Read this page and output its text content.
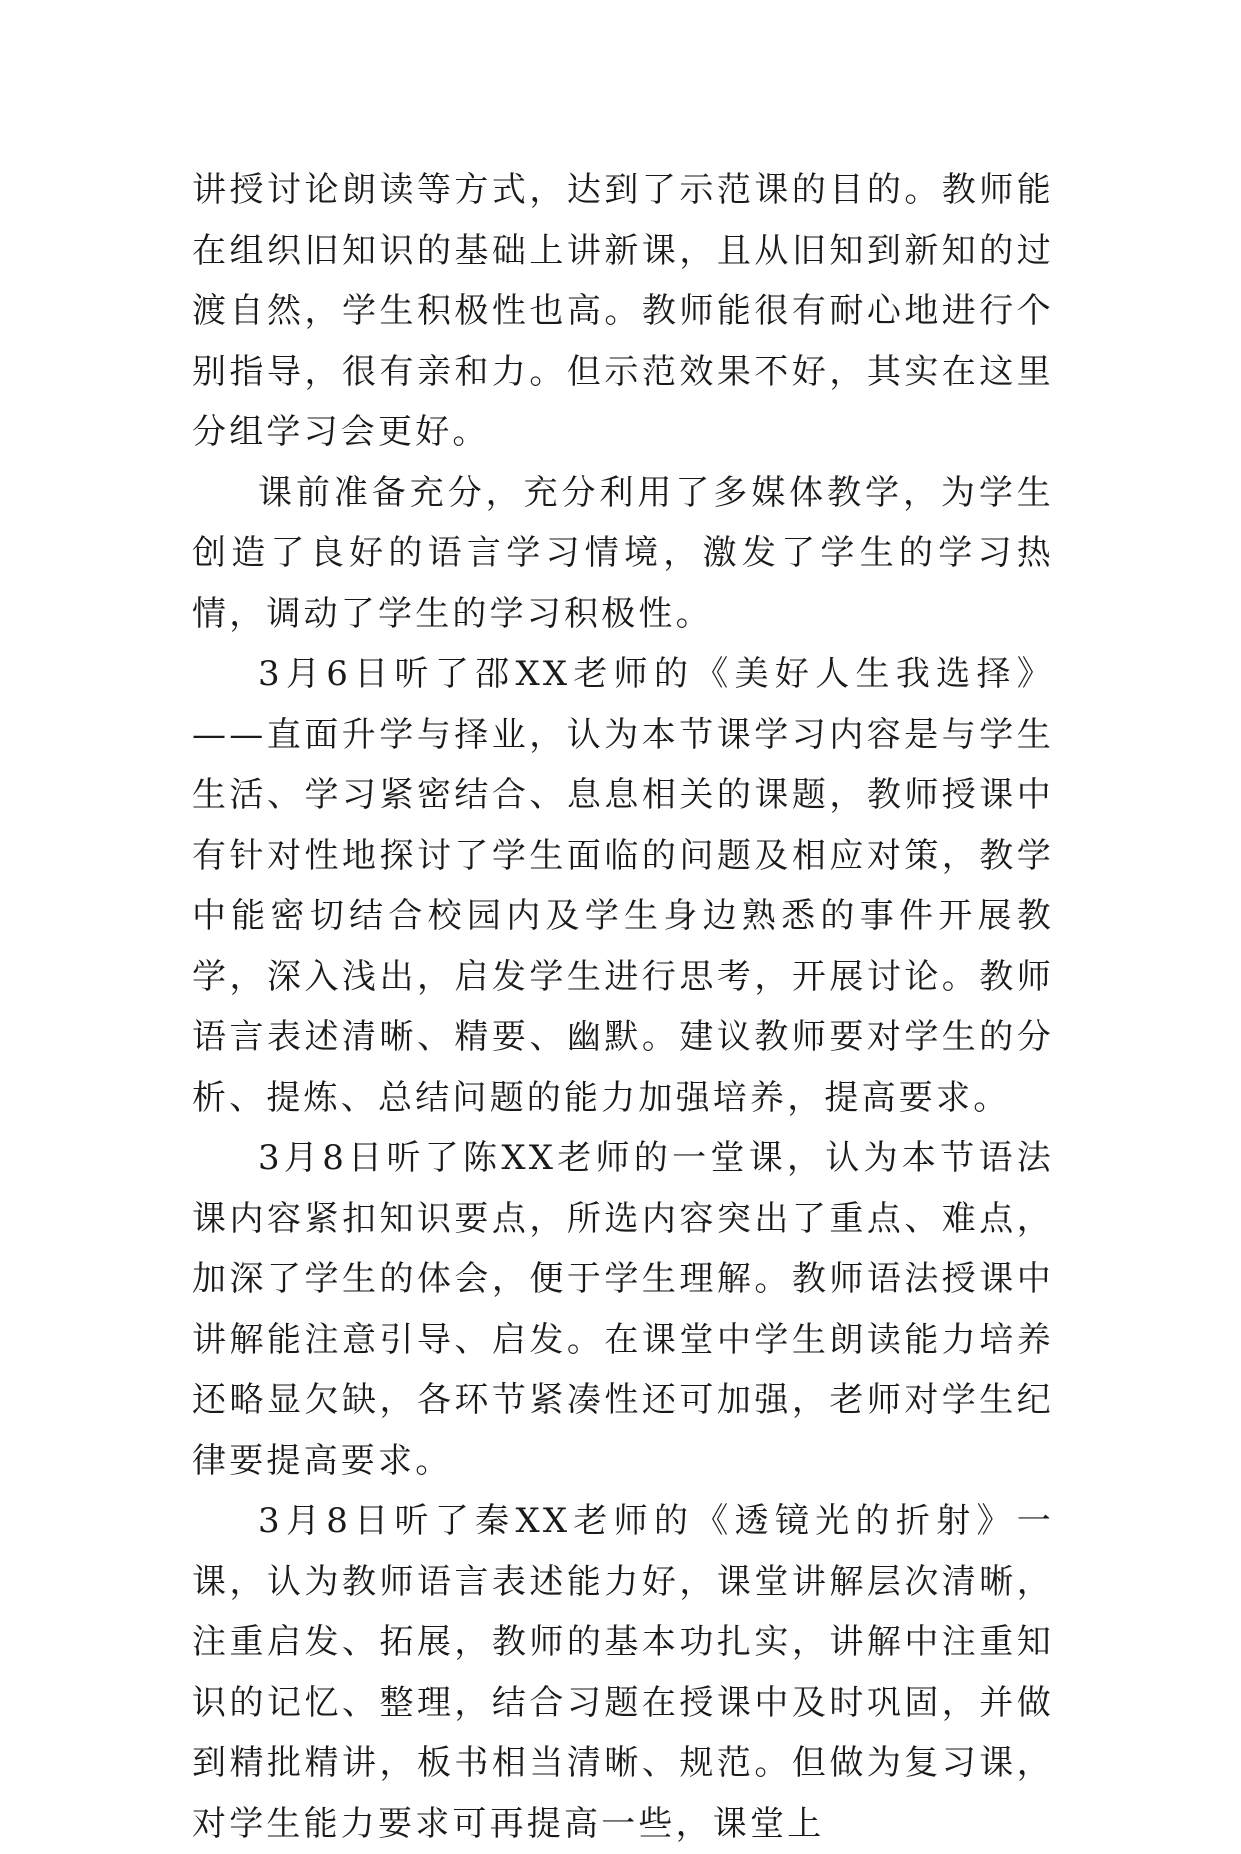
讲授讨论朗读等方式，达到了示范课的目的。教师能在组织旧知识的基础上讲新课，且从旧知到新知的过渡自然，学生积极性也高。教师能很有耐心地进行个别指导，很有亲和力。但示范效果不好，其实在这里分组学习会更好。

课前准备充分，充分利用了多媒体教学，为学生创造了良好的语言学习情境，激发了学生的学习热情，调动了学生的学习积极性。

3月6日听了邵XX老师的《美好人生我选择》——直面升学与择业，认为本节课学习内容是与学生生活、学习紧密结合、息息相关的课题，教师授课中有针对性地探讨了学生面临的问题及相应对策，教学中能密切结合校园内及学生身边熟悉的事件开展教学，深入浅出，启发学生进行思考，开展讨论。教师语言表述清晰、精要、幽默。建议教师要对学生的分析、提炼、总结问题的能力加强培养，提高要求。

3月8日听了陈XX老师的一堂课，认为本节语法课内容紧扣知识要点，所选内容突出了重点、难点，加深了学生的体会，便于学生理解。教师语法授课中讲解能注意引导、启发。在课堂中学生朗读能力培养还略显欠缺，各环节紧凑性还可加强，老师对学生纪律要提高要求。

3月8日听了秦XX老师的《透镜光的折射》一课，认为教师语言表述能力好，课堂讲解层次清晰，注重启发、拓展，教师的基本功扎实，讲解中注重知识的记忆、整理，结合习题在授课中及时巩固，并做到精批精讲，板书相当清晰、规范。但做为复习课，对学生能力要求可再提高一些，课堂上
